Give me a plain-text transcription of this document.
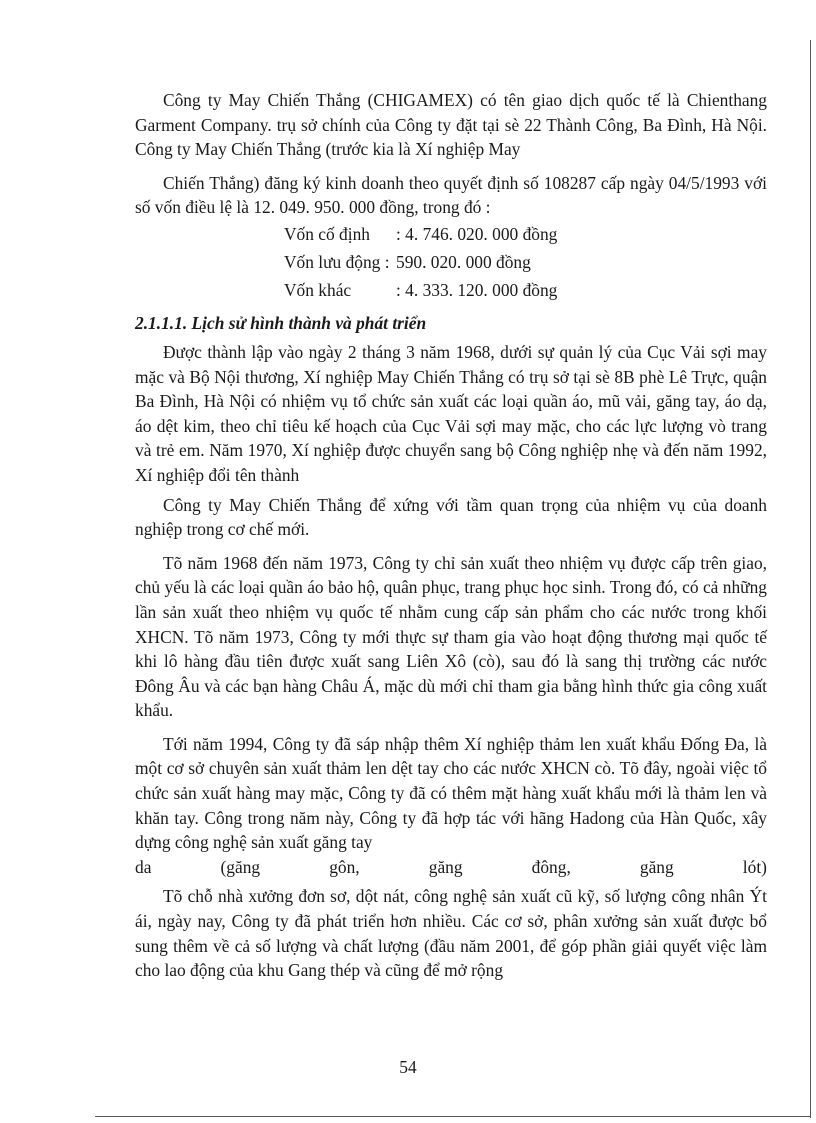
Công ty May Chiến Thắng (CHIGAMEX) có tên giao dịch quốc tế là Chienthang Garment Company. trụ sở chính của Công ty đặt tại sè 22 Thành Công, Ba Đình, Hà Nội. Công ty May Chiến Thắng (trước kia là Xí nghiệp May

Chiến Thắng) đăng ký kinh doanh theo quyết định số 108287 cấp ngày 04/5/1993 với số vốn điều lệ là 12. 049. 950. 000 đồng, trong đó :

Vốn cố định	: 4. 746. 020. 000 đồng
Vốn lưu động : 590. 020. 000 đồng
Vốn khác	: 4. 333. 120. 000 đồng
2.1.1.1. Lịch sử hình thành và phát triển

Được thành lập vào ngày 2 tháng 3 năm 1968, dưới sự quản lý của Cục Vải sợi may mặc và Bộ Nội thương, Xí nghiệp May Chiến Thắng có trụ sở tại sè 8B phè Lê Trực, quận Ba Đình, Hà Nội có nhiệm vụ tổ chức sản xuất các loại quần áo, mũ vải, găng tay, áo dạ, áo dệt kim, theo chỉ tiêu kế hoạch của Cục Vải sợi may mặc, cho các lực lượng vò trang và trẻ em. Năm 1970, Xí nghiệp được chuyển sang bộ Công nghiệp nhẹ và đến năm 1992, Xí nghiệp đổi tên thành

Công ty May Chiến Thắng để xứng với tầm quan trọng của nhiệm vụ của doanh nghiệp trong cơ chế mới.

Tõ năm 1968 đến năm 1973, Công ty chỉ sản xuất theo nhiệm vụ được cấp trên giao, chủ yếu là các loại quần áo bảo hộ, quân phục, trang phục học sinh. Trong đó, có cả những lần sản xuất theo nhiệm vụ quốc tế nhằm cung cấp sản phẩm cho các nước trong khối XHCN. Tõ năm 1973, Công ty mới thực sự tham gia vào hoạt động thương mại quốc tế khi lô hàng đầu tiên được xuất sang Liên Xô (cò), sau đó là sang thị trường các nước Đông Âu và các bạn hàng Châu Á, mặc dù mới chỉ tham gia bằng hình thức gia công xuất khẩu.

Tới năm 1994, Công ty đã sáp nhập thêm Xí nghiệp thảm len xuất khẩu Đống Đa, là một cơ sở chuyên sản xuất thảm len dệt tay cho các nước XHCN cò. Tõ đây, ngoài việc tổ chức sản xuất hàng may mặc, Công ty đã có thêm mặt hàng xuất khẩu mới là thảm len và khăn tay. Công trong năm này, Công ty đã hợp tác với hãng Hadong của Hàn Quốc, xây dựng công nghệ sản xuất găng tay

da	(găng	gôn,	găng	đông,	găng	lót)

Tõ chỗ nhà xưởng đơn sơ, dột nát, công nghệ sản xuất cũ kỹ, số lượng công nhân Ýt ái, ngày nay, Công ty đã phát triển hơn nhiều. Các cơ sở, phân xưởng sản xuất được bổ sung thêm về cả số lượng và chất lượng (đầu năm 2001, để góp phần giải quyết việc làm cho lao động của khu Gang thép và cũng để mở rộng

54
